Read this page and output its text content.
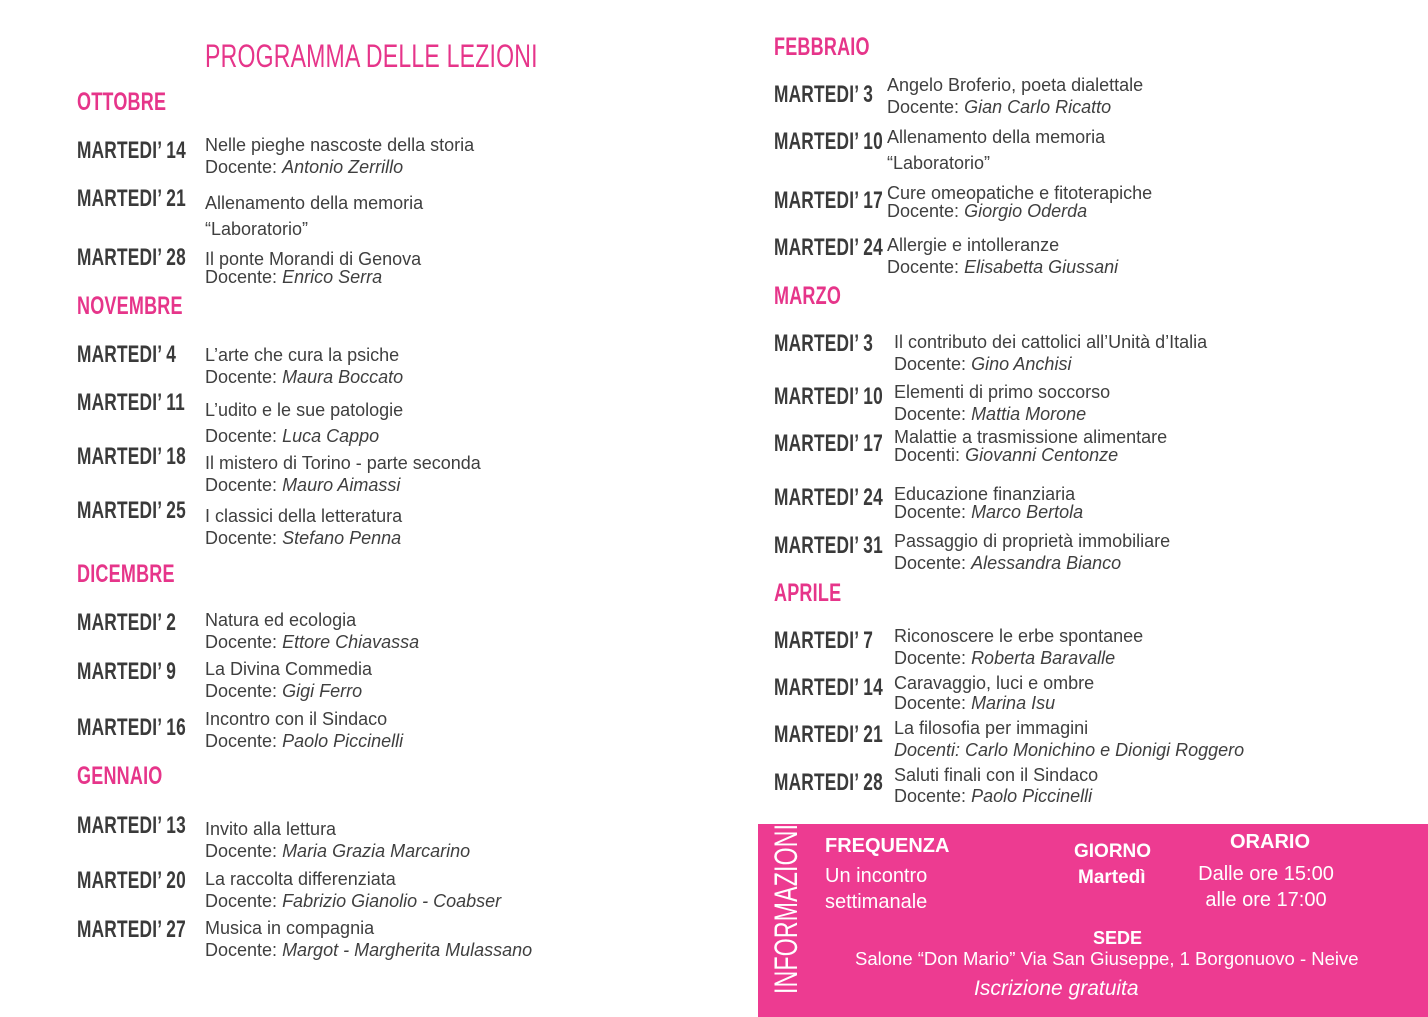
PROGRAMMA DELLE LEZIONI
OTTOBRE
MARTEDI’ 14	Nelle pieghe nascoste della storia
Docente: Antonio Zerrillo
MARTEDI’ 21	Allenamento della memoria
“Laboratorio”
MARTEDI’ 28	Il ponte Morandi di Genova
Docente: Enrico Serra
NOVEMBRE
MARTEDI’ 4	L’arte che cura la psiche
Docente: Maura Boccato
MARTEDI’ 11	L’udito e le sue patologie
Docente: Luca Cappo
MARTEDI’ 18	Il mistero di Torino - parte seconda
Docente: Mauro Aimassi
MARTEDI’ 25	I classici della letteratura
Docente: Stefano Penna
DICEMBRE
MARTEDI’ 2	Natura ed ecologia
Docente: Ettore Chiavassa
MARTEDI’ 9	La Divina Commedia
Docente: Gigi Ferro
MARTEDI’ 16	Incontro con il Sindaco
Docente: Paolo Piccinelli
GENNAIO
MARTEDI’ 13	Invito alla lettura
Docente: Maria Grazia Marcarino
MARTEDI’ 20	La raccolta differenziata
Docente: Fabrizio Gianolio - Coabser
MARTEDI’ 27	Musica in compagnia
Docente: Margot - Margherita Mulassano
FEBBRAIO
MARTEDI’ 3 Angelo Broferio, poeta dialettale
Docente: Gian Carlo Ricatto
MARTEDI’ 10 Allenamento della memoria
“Laboratorio”
MARTEDI’ 17 Cure omeopatiche e fitoterapiche
Docente: Giorgio Oderda
MARTEDI’ 24 Allergie e intolleranze
Docente: Elisabetta Giussani
MARZO
MARTEDI’ 3	Il contributo dei cattolici all’Unità d’Italia
Docente: Gino Anchisi
MARTEDI’ 10 Elementi di primo soccorso
Docente: Mattia Morone
MARTEDI’ 17 Malattie a trasmissione alimentare
Docenti: Giovanni Centonze
MARTEDI’ 24 Educazione finanziaria
Docente: Marco Bertola
MARTEDI’ 31 Passaggio di proprietà immobiliare
Docente: Alessandra Bianco
APRILE
MARTEDI’ 7	Riconoscere le erbe spontanee
Docente: Roberta Baravalle
MARTEDI’ 14 Caravaggio, luci e ombre
Docente: Marina Isu
MARTEDI’ 21 La filosofia per immagini
Docenti: Carlo Monichino e Dionigi Roggero
MARTEDI’ 28 Saluti finali con il Sindaco
Docente: Paolo Piccinelli
INFORMAZIONI FREQUENZA
Un incontro
settimanale
GIORNO
Martedì
ORARIO
Dalle ore 15:00
alle ore 17:00
SEDE
Salone “Don Mario” Via San Giuseppe, 1 Borgonuovo - Neive
Iscrizione gratuita
